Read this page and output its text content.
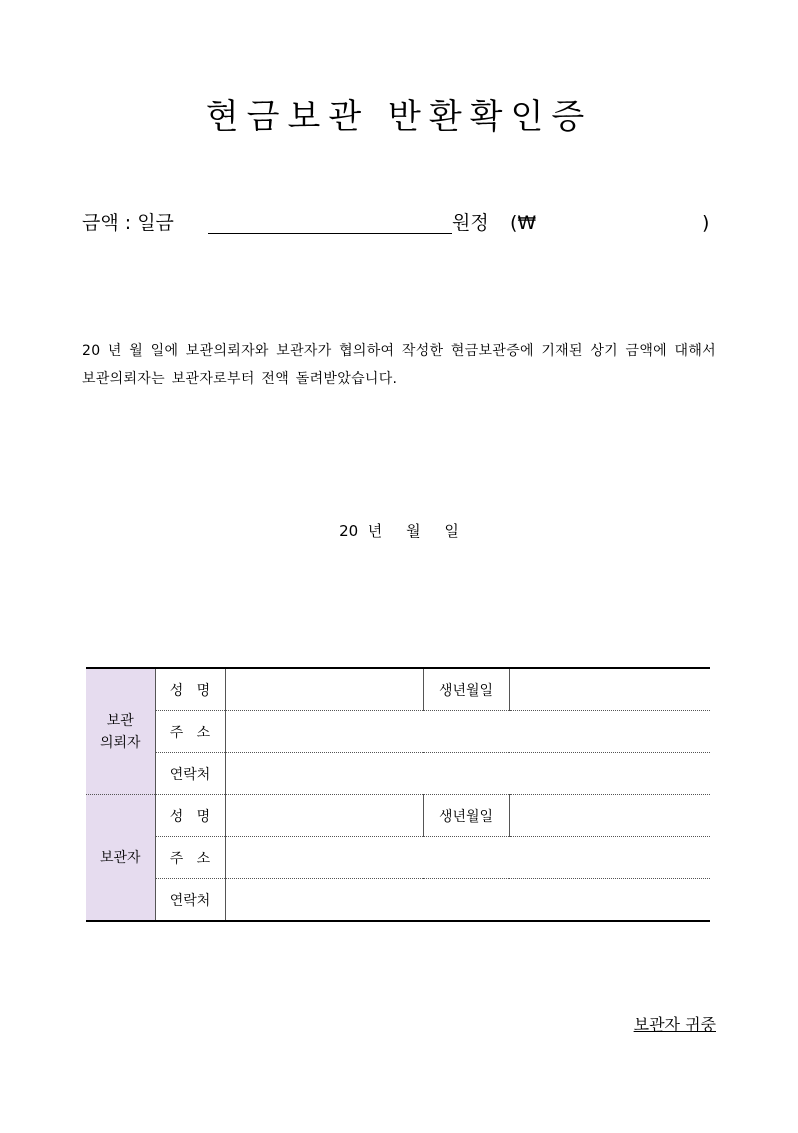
현금보관 반환확인증
금액 : 일금	원정 (₩	)
20 년 월 일에 보관의뢰자와 보관자가 협의하여 작성한 현금보관증에 기재된 상기 금액에 대해서 보관의뢰자는 보관자로부터 전액 돌려받았습니다.
20  년     월     일
보관
의뢰자	성   명		생년월일	
	주   소			
	연락처			
보관자	성   명		생년월일	
	주   소			
	연락처			
보관자 귀중
